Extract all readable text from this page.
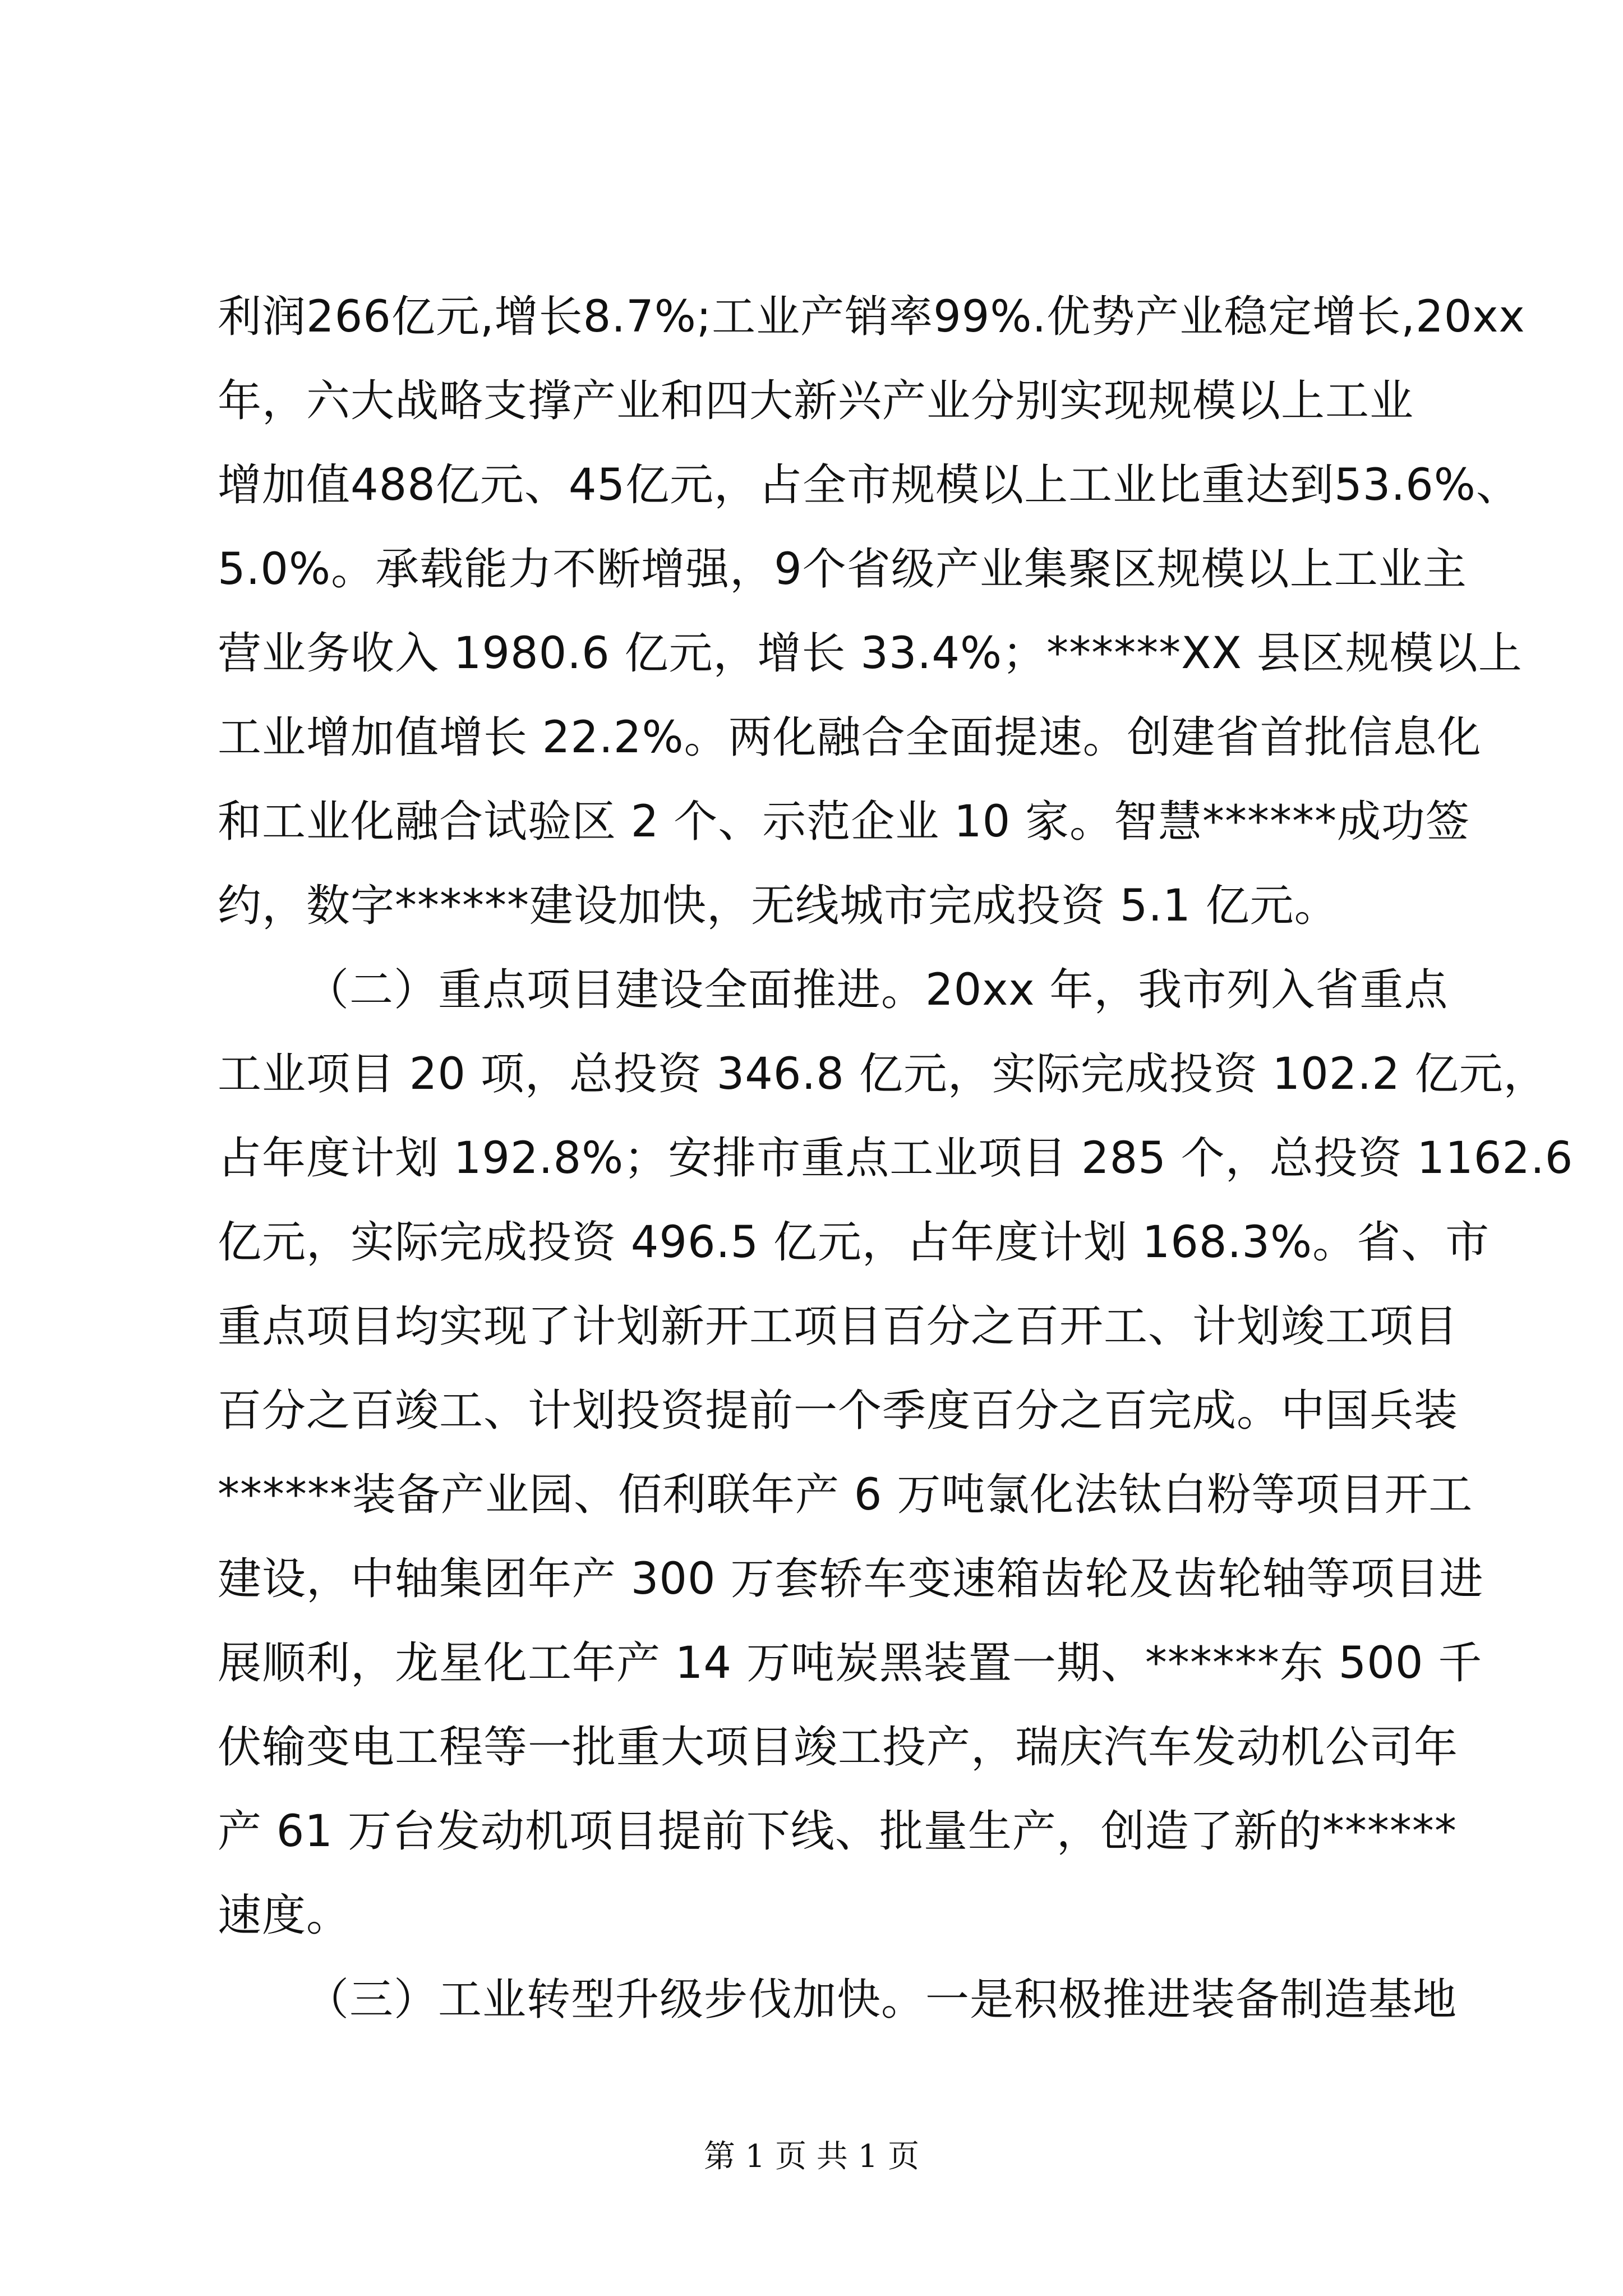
利润266亿元,增长8.7%;工业产销率99%.优势产业稳定增长,20xx
年，六大战略支撑产业和四大新兴产业分别实现规模以上工业
增加值488亿元、45亿元，占全市规模以上工业比重达到53.6%、
5.0%。承载能力不断增强，9个省级产业集聚区规模以上工业主
营业务收入 1980.6 亿元，增长 33.4%；******XX 县区规模以上
工业增加值增长 22.2%。两化融合全面提速。创建省首批信息化
和工业化融合试验区 2 个、示范企业 10 家。智慧******成功签
约，数字******建设加快，无线城市完成投资 5.1 亿元。
（二）重点项目建设全面推进。20xx 年，我市列入省重点
工业项目 20 项，总投资 346.8 亿元，实际完成投资 102.2 亿元，
占年度计划 192.8%；安排市重点工业项目 285 个，总投资 1162.6
亿元，实际完成投资 496.5 亿元，占年度计划 168.3%。省、市
重点项目均实现了计划新开工项目百分之百开工、计划竣工项目
百分之百竣工、计划投资提前一个季度百分之百完成。中国兵装
******装备产业园、佰利联年产 6 万吨氯化法钛白粉等项目开工
建设，中轴集团年产 300 万套轿车变速箱齿轮及齿轮轴等项目进
展顺利，龙星化工年产 14 万吨炭黑装置一期、******东 500 千
伏输变电工程等一批重大项目竣工投产，瑞庆汽车发动机公司年
产 61 万台发动机项目提前下线、批量生产，创造了新的******
速度。
（三）工业转型升级步伐加快。一是积极推进装备制造基地
第 1 页 共 1 页
